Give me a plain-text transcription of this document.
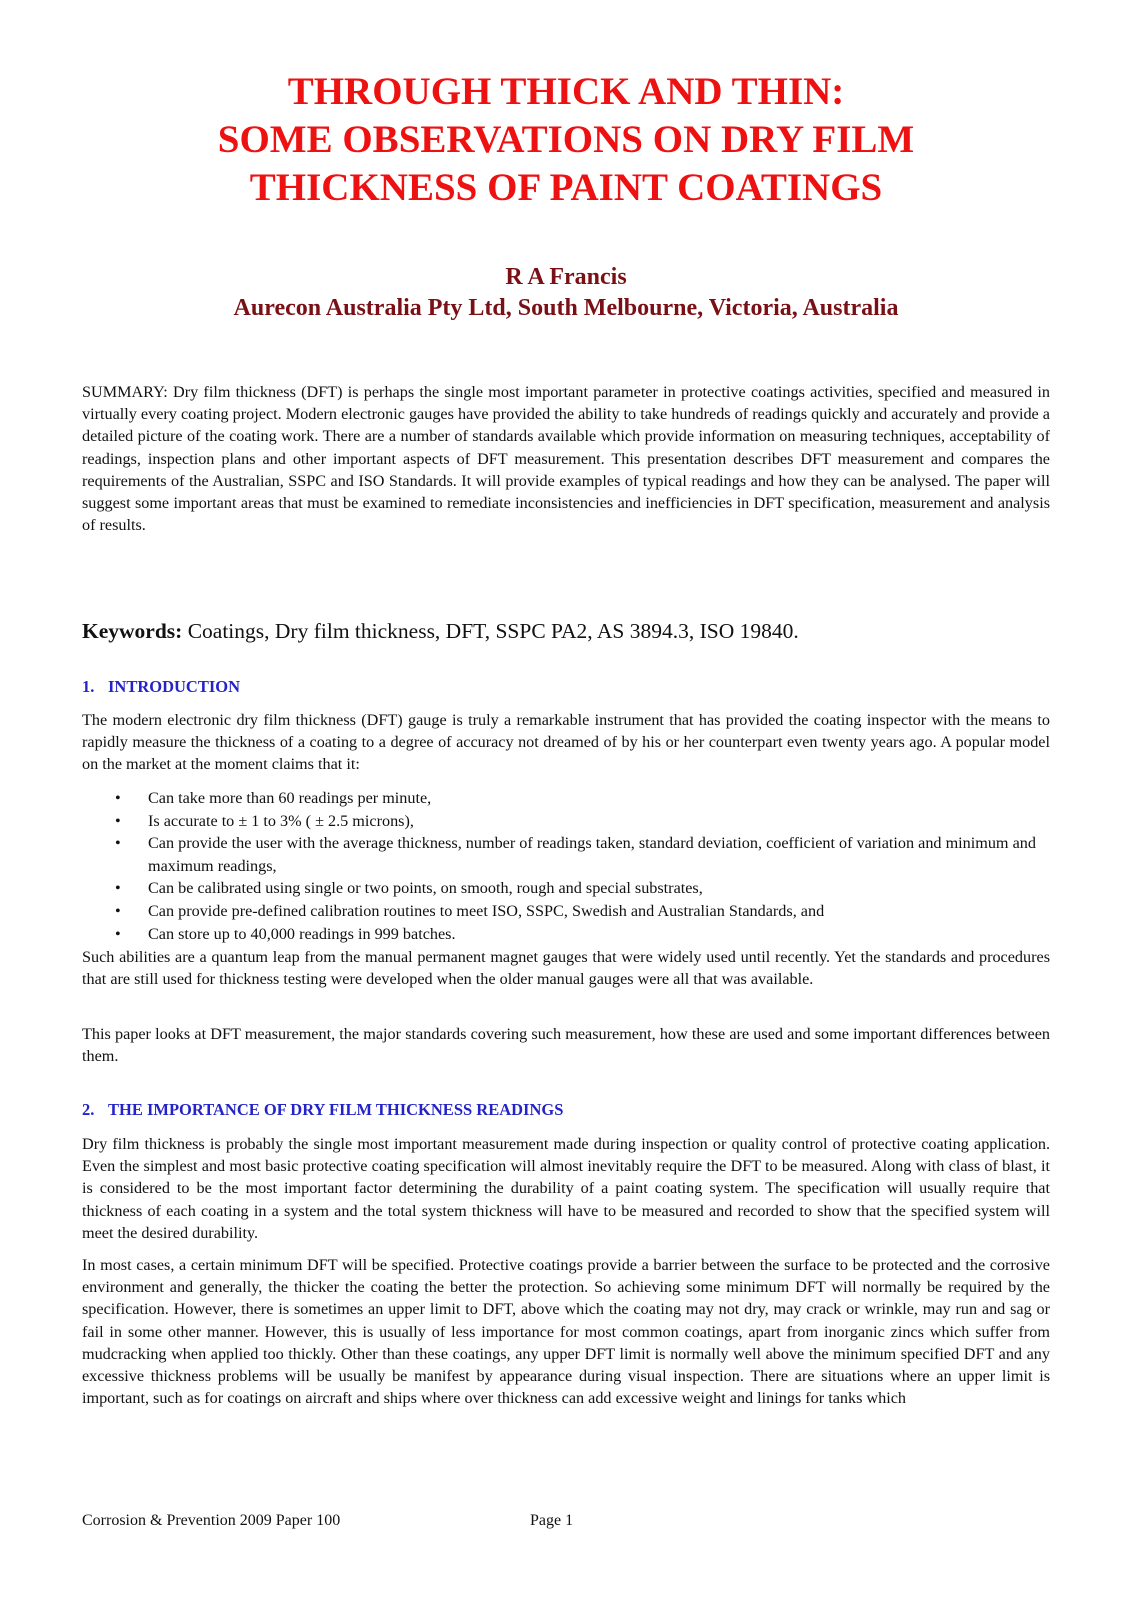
THROUGH THICK AND THIN:
SOME OBSERVATIONS ON DRY FILM
THICKNESS OF PAINT COATINGS
R A Francis
Aurecon Australia Pty Ltd, South Melbourne, Victoria, Australia

SUMMARY: Dry film thickness (DFT) is perhaps the single most important parameter in protective coatings activities, specified and measured in virtually every coating project. Modern electronic gauges have provided the ability to take hundreds of readings quickly and accurately and provide a detailed picture of the coating work. There are a number of standards available which provide information on measuring techniques, acceptability of readings, inspection plans and other important aspects of DFT measurement. This presentation describes DFT measurement and compares the requirements of the Australian, SSPC and ISO Standards. It will provide examples of typical readings and how they can be analysed. The paper will suggest some important areas that must be examined to remediate inconsistencies and inefficiencies in DFT specification, measurement and analysis of results.

Keywords: Coatings, Dry film thickness, DFT, SSPC PA2, AS 3894.3, ISO 19840.

1. INTRODUCTION

The modern electronic dry film thickness (DFT) gauge is truly a remarkable instrument that has provided the coating inspector with the means to rapidly measure the thickness of a coating to a degree of accuracy not dreamed of by his or her counterpart even twenty years ago. A popular model on the market at the moment claims that it:

• Can take more than 60 readings per minute,
• Is accurate to ± 1 to 3% ( ± 2.5 microns),
• Can provide the user with the average thickness, number of readings taken, standard deviation, coefficient of variation and minimum and maximum readings,
• Can be calibrated using single or two points, on smooth, rough and special substrates,
• Can provide pre-defined calibration routines to meet ISO, SSPC, Swedish and Australian Standards, and
• Can store up to 40,000 readings in 999 batches.

Such abilities are a quantum leap from the manual permanent magnet gauges that were widely used until recently. Yet the standards and procedures that are still used for thickness testing were developed when the older manual gauges were all that was available.

This paper looks at DFT measurement, the major standards covering such measurement, how these are used and some important differences between them.

2. THE IMPORTANCE OF DRY FILM THICKNESS READINGS

Dry film thickness is probably the single most important measurement made during inspection or quality control of protective coating application. Even the simplest and most basic protective coating specification will almost inevitably require the DFT to be measured. Along with class of blast, it is considered to be the most important factor determining the durability of a paint coating system. The specification will usually require that thickness of each coating in a system and the total system thickness will have to be measured and recorded to show that the specified system will meet the desired durability.

In most cases, a certain minimum DFT will be specified. Protective coatings provide a barrier between the surface to be protected and the corrosive environment and generally, the thicker the coating the better the protection. So achieving some minimum DFT will normally be required by the specification. However, there is sometimes an upper limit to DFT, above which the coating may not dry, may crack or wrinkle, may run and sag or fail in some other manner. However, this is usually of less importance for most common coatings, apart from inorganic zincs which suffer from mudcracking when applied too thickly. Other than these coatings, any upper DFT limit is normally well above the minimum specified DFT and any excessive thickness problems will be usually be manifest by appearance during visual inspection. There are situations where an upper limit is important, such as for coatings on aircraft and ships where over thickness can add excessive weight and linings for tanks which

Corrosion & Prevention 2009 Paper 100	Page 1
